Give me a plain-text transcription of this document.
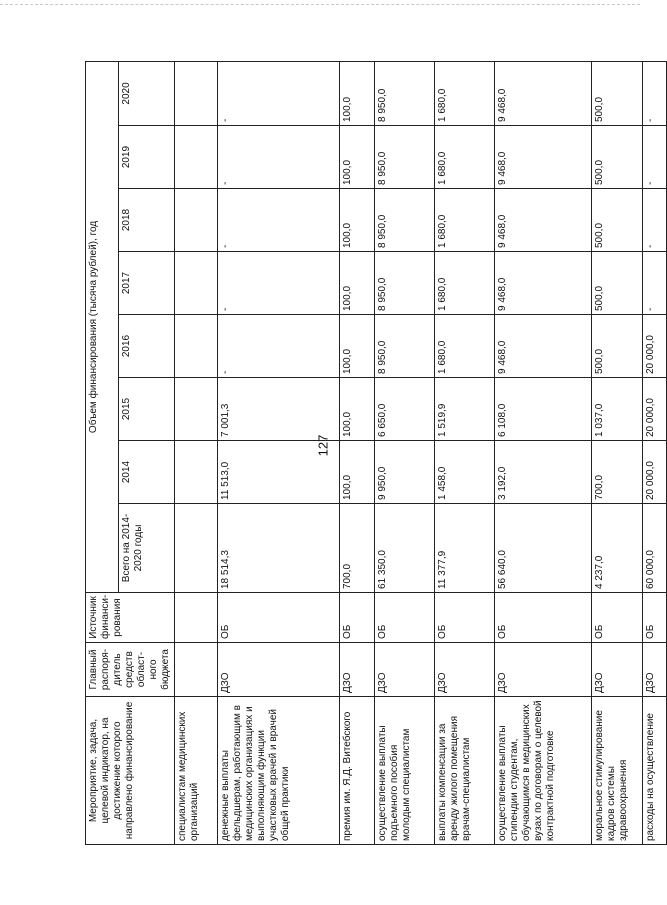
127
Мероприятие, задача, целевой индикатор, на достижение которого направлено финансирование	Главный распоря-дитель средств област-ного бюджета	Источник финанси-рования	Объем финансирования (тысяча рублей), год							
			Всего на 2014-2020 годы	2014	2015	2016	2017	2018	2019	2020
специалистам медицинских организаций										
денежные выплаты фельдшерам, работающим в медицинских организациях и выполняющим функции участковых врачей и врачей общей практики	ДЗО	ОБ	18 514,3	11 513,0	7 001,3	-	-	-	-	-
премия им. Я.Д. Витебского	ДЗО	ОБ	700,0	100,0	100,0	100,0	100,0	100,0	100,0	100,0
осуществление выплаты подъемного пособия молодым специалистам	ДЗО	ОБ	61 350,0	9 950,0	6 650,0	8 950,0	8 950,0	8 950,0	8 950,0	8 950,0
выплаты компенсации за аренду жилого помещения врачам-специалистам	ДЗО	ОБ	11 377,9	1 458,0	1 519,9	1 680,0	1 680,0	1 680,0	1 680,0	1 680,0
осуществление выплаты стипендии студентам, обучающимся в медицинских вузах по договорам о целевой контрактной подготовке	ДЗО	ОБ	56 640,0	3 192,0	6 108,0	9 468,0	9 468,0	9 468,0	9 468,0	9 468,0
моральное стимулирование кадров системы здравоохранения	ДЗО	ОБ	4 237,0	700,0	1 037,0	500,0	500,0	500,0	500,0	500,0
расходы на осуществление	ДЗО	ОБ	60 000,0	20 000,0	20 000,0	20 000,0	-	-	-	-
